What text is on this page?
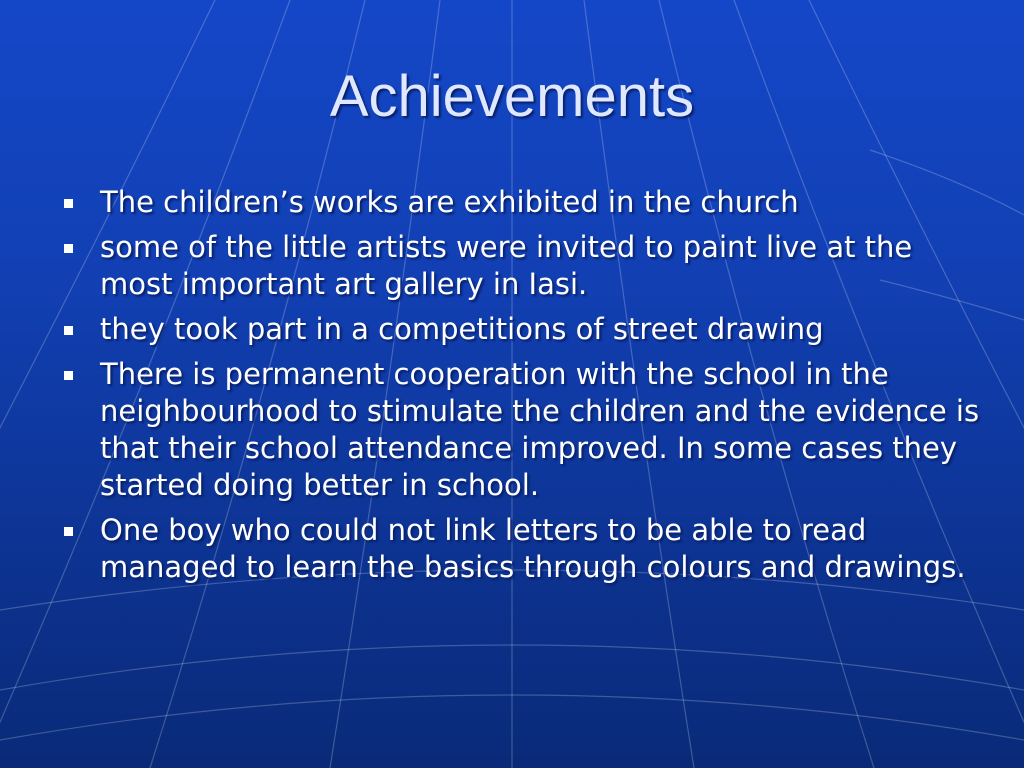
Achievements
The children’s works are exhibited in the church
some of the little artists were invited to paint live at the most important art gallery in Iasi.
they took part in a competitions of street drawing
There is permanent cooperation with the school in the neighbourhood to stimulate the children and the evidence is that their school attendance improved. In some cases they started doing better in school.
One boy who could not link letters to be able to read managed to learn the basics through colours and drawings.
